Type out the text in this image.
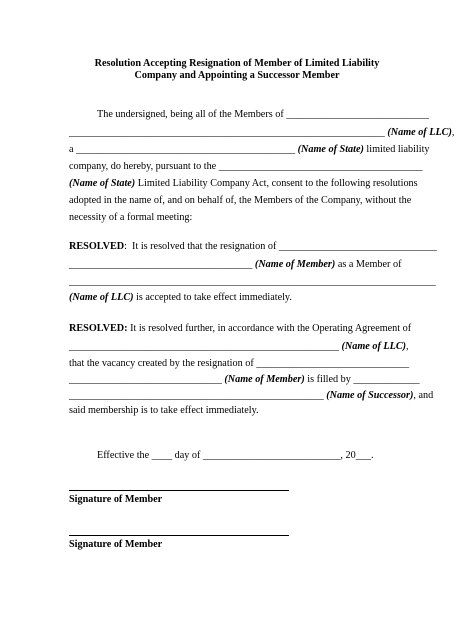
Resolution Accepting Resignation of Member of Limited Liability
Company and Appointing a Successor Member
The undersigned, being all of the Members of ____________________________
______________________________________________________________ (Name of LLC),
a ___________________________________________ (Name of State) limited liability
company, do hereby, pursuant to the ________________________________________
(Name of State) Limited Liability Company Act, consent to the following resolutions
adopted in the name of, and on behalf of, the Members of the Company, without the
necessity of a formal meeting:
RESOLVED:  It is resolved that the resignation of _______________________________
____________________________________ (Name of Member) as a Member of
________________________________________________________________________
(Name of LLC) is accepted to take effect immediately.
RESOLVED: It is resolved further, in accordance with the Operating Agreement of
_____________________________________________________ (Name of LLC),
that the vacancy created by the resignation of ______________________________
______________________________ (Name of Member) is filled by _____________
__________________________________________________ (Name of Successor), and
said membership is to take effect immediately.
Effective the ____ day of ___________________________, 20___.
Signature of Member
Signature of Member
